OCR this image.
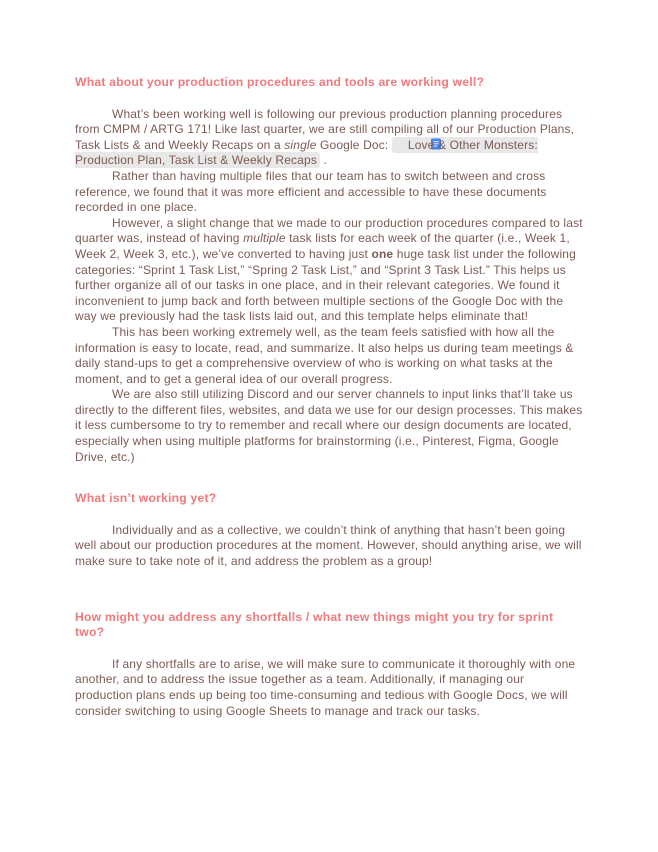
What about your production procedures and tools are working well?
What’s been working well is following our previous production planning procedures from CMPM / ARTG 171! Like last quarter, we are still compiling all of our Production Plans, Task Lists & and Weekly Recaps on a single Google Doc: Love & Other Monsters: Production Plan, Task List & Weekly Recaps .
Rather than having multiple files that our team has to switch between and cross reference, we found that it was more efficient and accessible to have these documents recorded in one place.
However, a slight change that we made to our production procedures compared to last quarter was, instead of having multiple task lists for each week of the quarter (i.e., Week 1, Week 2, Week 3, etc.), we’ve converted to having just one huge task list under the following categories: “Sprint 1 Task List,” “Spring 2 Task List,” and “Sprint 3 Task List.” This helps us further organize all of our tasks in one place, and in their relevant categories. We found it inconvenient to jump back and forth between multiple sections of the Google Doc with the way we previously had the task lists laid out, and this template helps eliminate that!
This has been working extremely well, as the team feels satisfied with how all the information is easy to locate, read, and summarize. It also helps us during team meetings & daily stand-ups to get a comprehensive overview of who is working on what tasks at the moment, and to get a general idea of our overall progress.
We are also still utilizing Discord and our server channels to input links that’ll take us directly to the different files, websites, and data we use for our design processes. This makes it less cumbersome to try to remember and recall where our design documents are located, especially when using multiple platforms for brainstorming (i.e., Pinterest, Figma, Google Drive, etc.)
What isn’t working yet?
Individually and as a collective, we couldn’t think of anything that hasn’t been going well about our production procedures at the moment. However, should anything arise, we will make sure to take note of it, and address the problem as a group!
How might you address any shortfalls / what new things might you try for sprint two?
If any shortfalls are to arise, we will make sure to communicate it thoroughly with one another, and to address the issue together as a team. Additionally, if managing our production plans ends up being too time-consuming and tedious with Google Docs, we will consider switching to using Google Sheets to manage and track our tasks.
